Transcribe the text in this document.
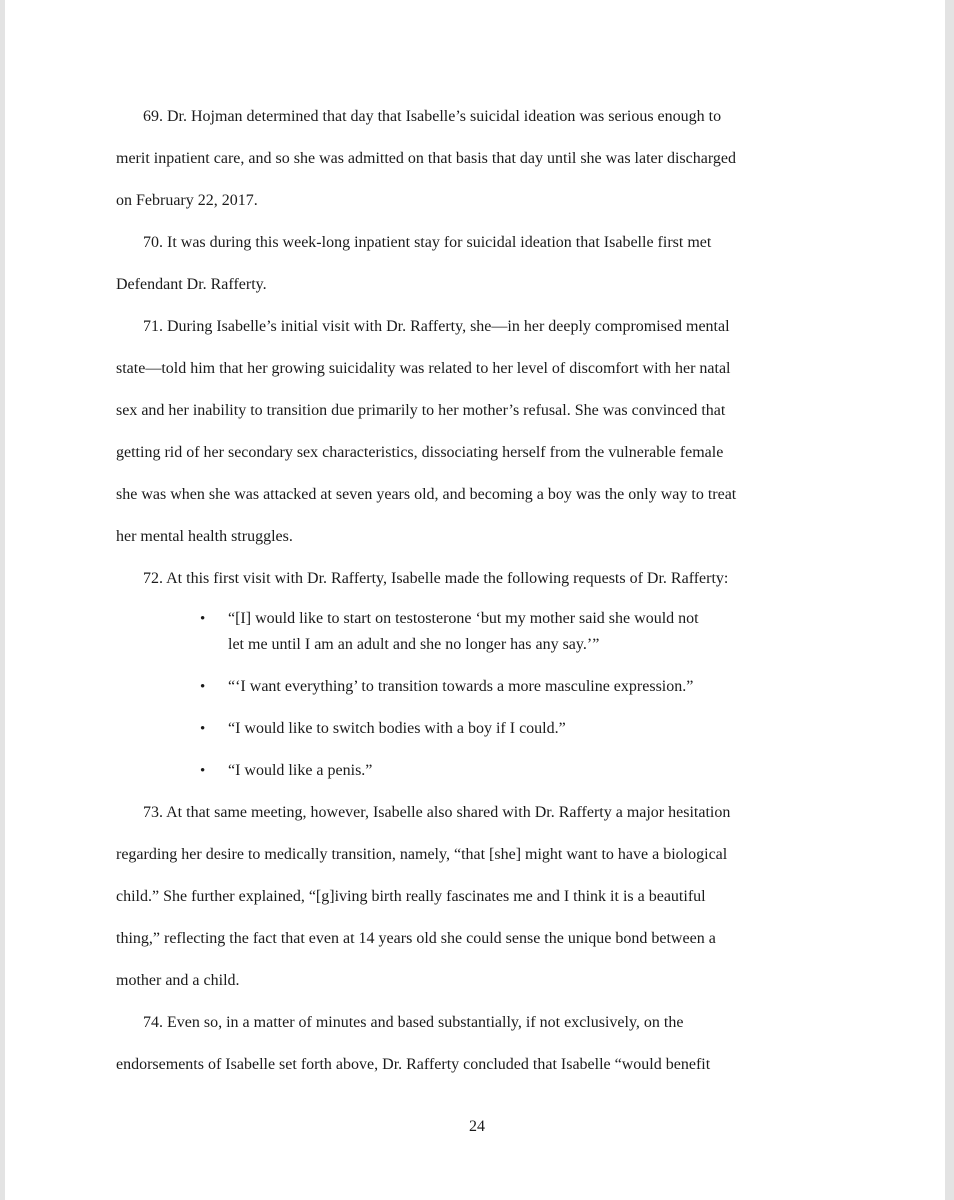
69. Dr. Hojman determined that day that Isabelle’s suicidal ideation was serious enough to
merit inpatient care, and so she was admitted on that basis that day until she was later discharged
on February 22, 2017.
70. It was during this week-long inpatient stay for suicidal ideation that Isabelle first met
Defendant Dr. Rafferty.
71. During Isabelle’s initial visit with Dr. Rafferty, she—in her deeply compromised mental
state—told him that her growing suicidality was related to her level of discomfort with her natal
sex and her inability to transition due primarily to her mother’s refusal. She was convinced that
getting rid of her secondary sex characteristics, dissociating herself from the vulnerable female
she was when she was attacked at seven years old, and becoming a boy was the only way to treat
her mental health struggles.
72. At this first visit with Dr. Rafferty, Isabelle made the following requests of Dr. Rafferty:
• “[I] would like to start on testosterone ‘but my mother said she would not
let me until I am an adult and she no longer has any say.’”
• “‘I want everything’ to transition towards a more masculine expression.”
• “I would like to switch bodies with a boy if I could.”
• “I would like a penis.”
73. At that same meeting, however, Isabelle also shared with Dr. Rafferty a major hesitation
regarding her desire to medically transition, namely, “that [she] might want to have a biological
child.” She further explained, “[g]iving birth really fascinates me and I think it is a beautiful
thing,” reflecting the fact that even at 14 years old she could sense the unique bond between a
mother and a child.
74. Even so, in a matter of minutes and based substantially, if not exclusively, on the
endorsements of Isabelle set forth above, Dr. Rafferty concluded that Isabelle “would benefit
24
